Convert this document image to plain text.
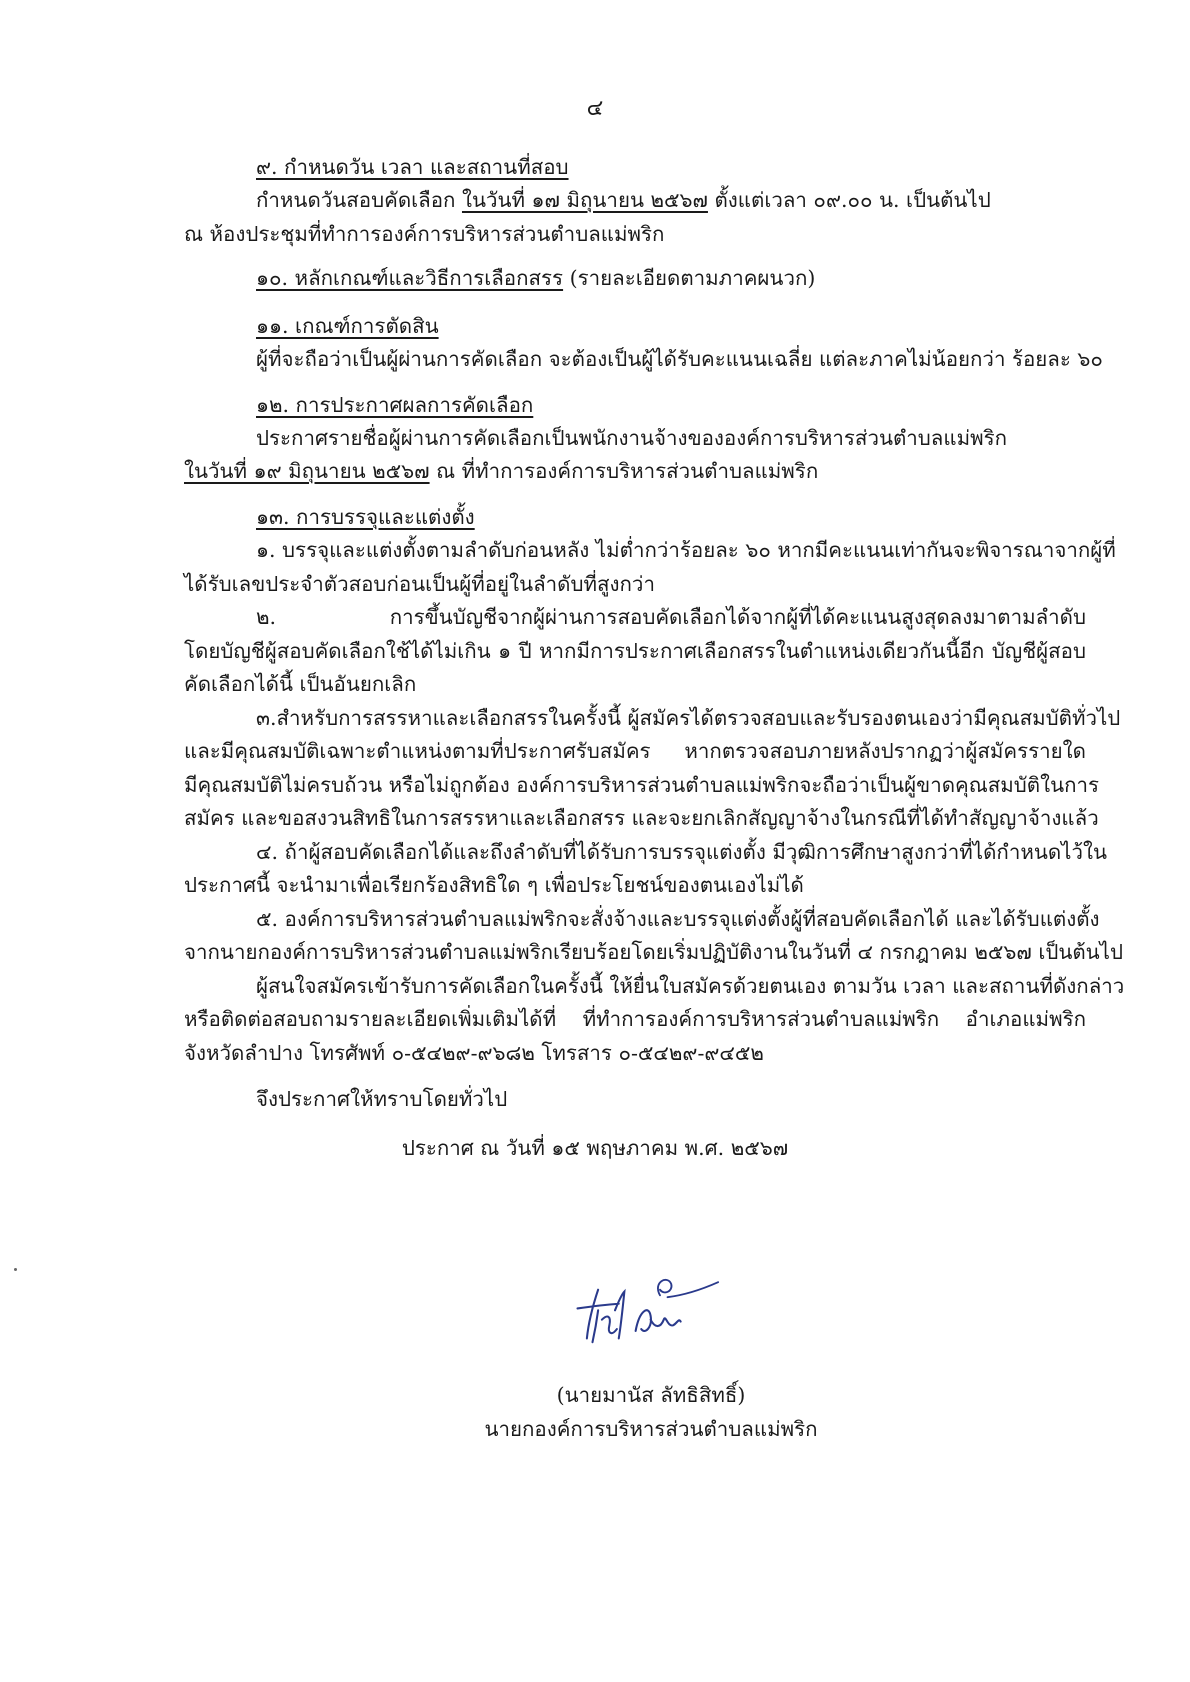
๔
๙. กำหนดวัน เวลา และสถานที่สอบ
กำหนดวันสอบคัดเลือก ในวันที่ ๑๗ มิถุนายน ๒๕๖๗ ตั้งแต่เวลา ๐๙.๐๐ น. เป็นต้นไป
ณ ห้องประชุมที่ทำการองค์การบริหารส่วนตำบลแม่พริก
๑๐. หลักเกณฑ์และวิธีการเลือกสรร (รายละเอียดตามภาคผนวก)
๑๑. เกณฑ์การตัดสิน
ผู้ที่จะถือว่าเป็นผู้ผ่านการคัดเลือก จะต้องเป็นผู้ได้รับคะแนนเฉลี่ย แต่ละภาคไม่น้อยกว่า ร้อยละ ๖๐
๑๒. การประกาศผลการคัดเลือก
ประกาศรายชื่อผู้ผ่านการคัดเลือกเป็นพนักงานจ้างขององค์การบริหารส่วนตำบลแม่พริก
ในวันที่ ๑๙ มิถุนายน ๒๕๖๗ ณ ที่ทำการองค์การบริหารส่วนตำบลแม่พริก
๑๓. การบรรจุและแต่งตั้ง
๑. บรรจุและแต่งตั้งตามลำดับก่อนหลัง ไม่ต่ำกว่าร้อยละ ๖๐ หากมีคะแนนเท่ากันจะพิจารณาจากผู้ที่
ได้รับเลขประจำตัวสอบก่อนเป็นผู้ที่อยู่ในลำดับที่สูงกว่า
๒. การขึ้นบัญชีจากผู้ผ่านการสอบคัดเลือกได้จากผู้ที่ได้คะแนนสูงสุดลงมาตามลำดับ
โดยบัญชีผู้สอบคัดเลือกใช้ได้ไม่เกิน ๑ ปี หากมีการประกาศเลือกสรรในตำแหน่งเดียวกันนี้อีก บัญชีผู้สอบ
คัดเลือกได้นี้ เป็นอันยกเลิก
๓.สำหรับการสรรหาและเลือกสรรในครั้งนี้ ผู้สมัครได้ตรวจสอบและรับรองตนเองว่ามีคุณสมบัติทั่วไป
และมีคุณสมบัติเฉพาะตำแหน่งตามที่ประกาศรับสมัคร หากตรวจสอบภายหลังปรากฏว่าผู้สมัครรายใด
มีคุณสมบัติไม่ครบถ้วน หรือไม่ถูกต้อง องค์การบริหารส่วนตำบลแม่พริกจะถือว่าเป็นผู้ขาดคุณสมบัติในการ
สมัคร และขอสงวนสิทธิในการสรรหาและเลือกสรร และจะยกเลิกสัญญาจ้างในกรณีที่ได้ทำสัญญาจ้างแล้ว
๔. ถ้าผู้สอบคัดเลือกได้และถึงลำดับที่ได้รับการบรรจุแต่งตั้ง มีวุฒิการศึกษาสูงกว่าที่ได้กำหนดไว้ใน
ประกาศนี้ จะนำมาเพื่อเรียกร้องสิทธิใด ๆ เพื่อประโยชน์ของตนเองไม่ได้
๕. องค์การบริหารส่วนตำบลแม่พริกจะสั่งจ้างและบรรจุแต่งตั้งผู้ที่สอบคัดเลือกได้ และได้รับแต่งตั้ง
จากนายกองค์การบริหารส่วนตำบลแม่พริกเรียบร้อยโดยเริ่มปฏิบัติงานในวันที่ ๔ กรกฎาคม ๒๕๖๗ เป็นต้นไป
ผู้สนใจสมัครเข้ารับการคัดเลือกในครั้งนี้ ให้ยื่นใบสมัครด้วยตนเอง ตามวัน เวลา และสถานที่ดังกล่าว
หรือติดต่อสอบถามรายละเอียดเพิ่มเติมได้ที่ ที่ทำการองค์การบริหารส่วนตำบลแม่พริก อำเภอแม่พริก
จังหวัดลำปาง โทรศัพท์ ๐-๕๔๒๙-๙๖๘๒ โทรสาร ๐-๕๔๒๙-๙๔๕๒
จึงประกาศให้ทราบโดยทั่วไป
ประกาศ ณ วันที่ ๑๕ พฤษภาคม พ.ศ. ๒๕๖๗
(นายมานัส ลัทธิสิทธิ์)
นายกองค์การบริหารส่วนตำบลแม่พริก
